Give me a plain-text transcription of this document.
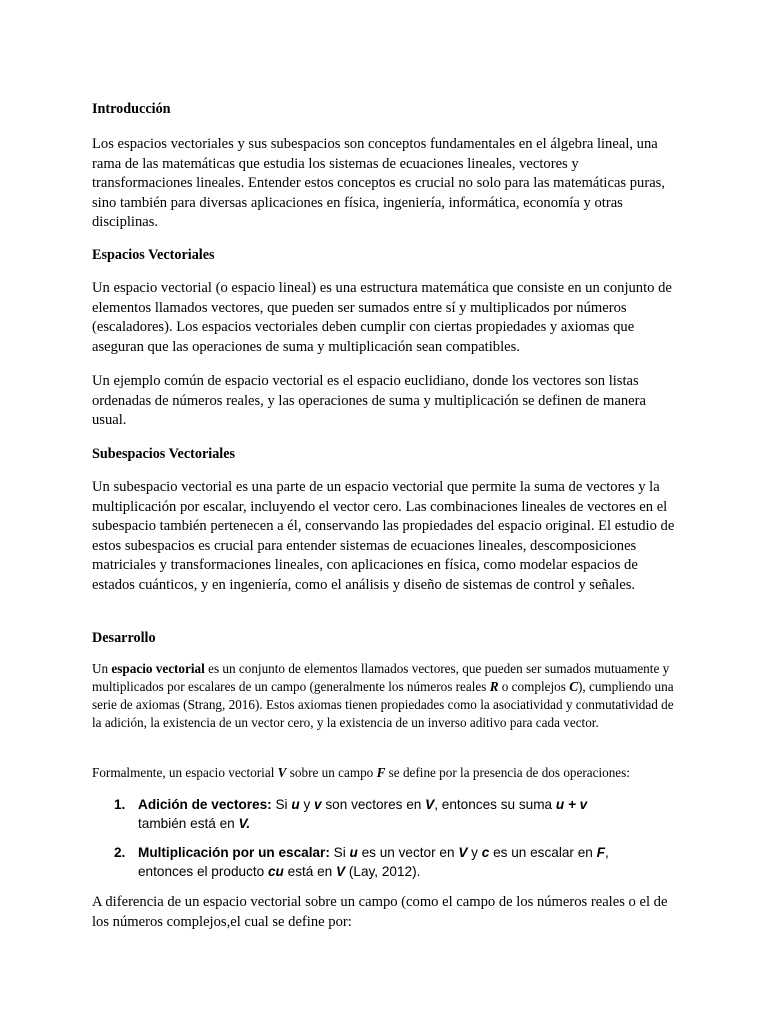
Introducción

Los espacios vectoriales y sus subespacios son conceptos fundamentales en el álgebra lineal, una rama de las matemáticas que estudia los sistemas de ecuaciones lineales, vectores y transformaciones lineales. Entender estos conceptos es crucial no solo para las matemáticas puras, sino también para diversas aplicaciones en física, ingeniería, informática, economía y otras disciplinas.

Espacios Vectoriales

Un espacio vectorial (o espacio lineal) es una estructura matemática que consiste en un conjunto de elementos llamados vectores, que pueden ser sumados entre sí y multiplicados por números (escaladores). Los espacios vectoriales deben cumplir con ciertas propiedades y axiomas que aseguran que las operaciones de suma y multiplicación sean compatibles.

Un ejemplo común de espacio vectorial es el espacio euclidiano, donde los vectores son listas ordenadas de números reales, y las operaciones de suma y multiplicación se definen de manera usual.

Subespacios Vectoriales

Un subespacio vectorial es una parte de un espacio vectorial que permite la suma de vectores y la multiplicación por escalar, incluyendo el vector cero. Las combinaciones lineales de vectores en el subespacio también pertenecen a él, conservando las propiedades del espacio original. El estudio de estos subespacios es crucial para entender sistemas de ecuaciones lineales, descomposiciones matriciales y transformaciones lineales, con aplicaciones en física, como modelar espacios de estados cuánticos, y en ingeniería, como el análisis y diseño de sistemas de control y señales.

Desarrollo

Un espacio vectorial es un conjunto de elementos llamados vectores, que pueden ser sumados mutuamente y multiplicados por escalares de un campo (generalmente los números reales R o complejos C), cumpliendo una serie de axiomas (Strang, 2016). Estos axiomas tienen propiedades como la asociatividad y conmutatividad de la adición, la existencia de un vector cero, y la existencia de un inverso aditivo para cada vector.

Formalmente, un espacio vectorial V sobre un campo F se define por la presencia de dos operaciones:

1. Adición de vectores: Si u y v son vectores en V, entonces su suma u + v
también está en V.
2. Multiplicación por un escalar: Si u es un vector en V y c es un escalar en F,
entonces el producto cu está en V (Lay, 2012).

A diferencia de un espacio vectorial sobre un campo (como el campo de los números reales o el de los números complejos,el cual se define por:
